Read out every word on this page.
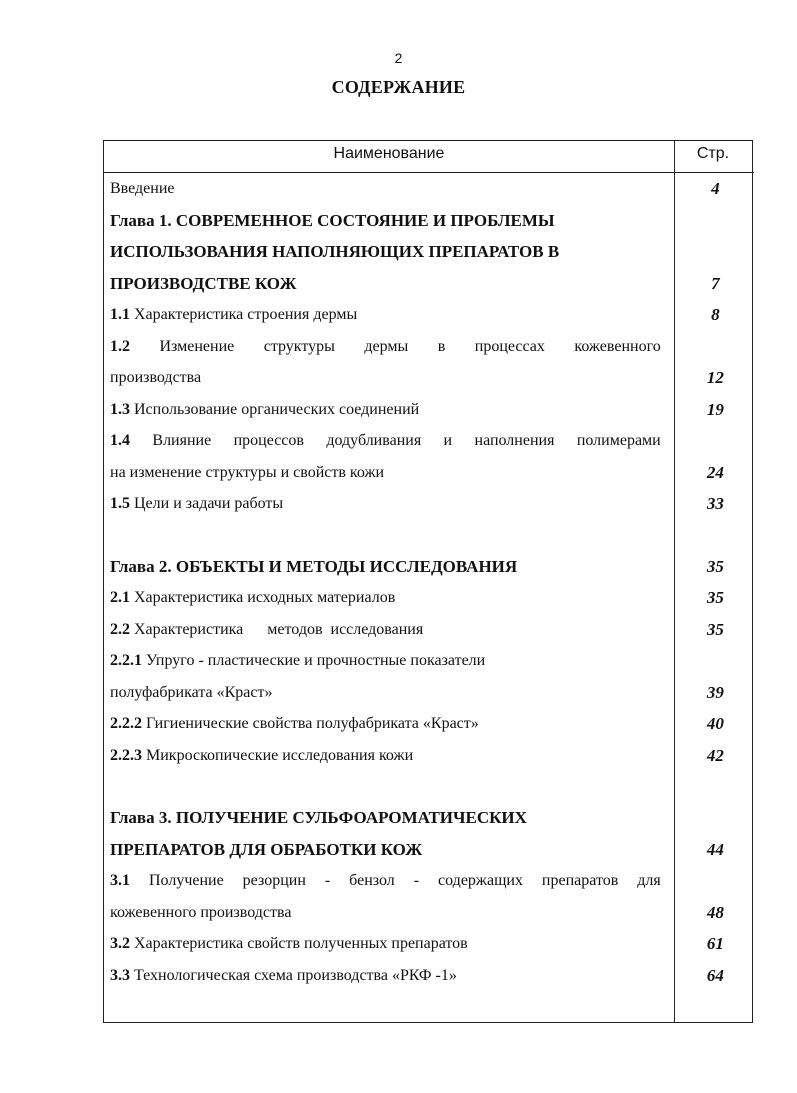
2
СОДЕРЖАНИЕ
Наименование	Стр.
Введение	4
Глава 1. СОВРЕМЕННОЕ СОСТОЯНИЕ И ПРОБЛЕМЫ
ИСПОЛЬЗОВАНИЯ НАПОЛНЯЮЩИХ ПРЕПАРАТОВ В
ПРОИЗВОДСТВЕ КОЖ	7
1.1 Характеристика строения дермы	8
1.2 Изменение структуры дермы в процессах кожевенного
производства	12
1.3 Использование органических соединений	19
1.4 Влияние процессов додубливания и наполнения полимерами
на изменение структуры и свойств кожи	24
1.5 Цели и задачи работы	33
Глава 2. ОБЪЕКТЫ И МЕТОДЫ ИССЛЕДОВАНИЯ	35
2.1 Характеристика исходных материалов	35
2.2 Характеристика      методов  исследования	35
2.2.1 Упруго - пластические и прочностные показатели
полуфабриката «Краст»	39
2.2.2 Гигиенические свойства полуфабриката «Краст»	40
2.2.3 Микроскопические исследования кожи	42
Глава 3. ПОЛУЧЕНИЕ СУЛЬФОАРОМАТИЧЕСКИХ
ПРЕПАРАТОВ ДЛЯ ОБРАБОТКИ КОЖ	44
3.1 Получение резорцин - бензол - содержащих препаратов для
кожевенного производства	48
3.2 Характеристика свойств полученных препаратов	61
3.3 Технологическая схема производства «РКФ -1»	64
